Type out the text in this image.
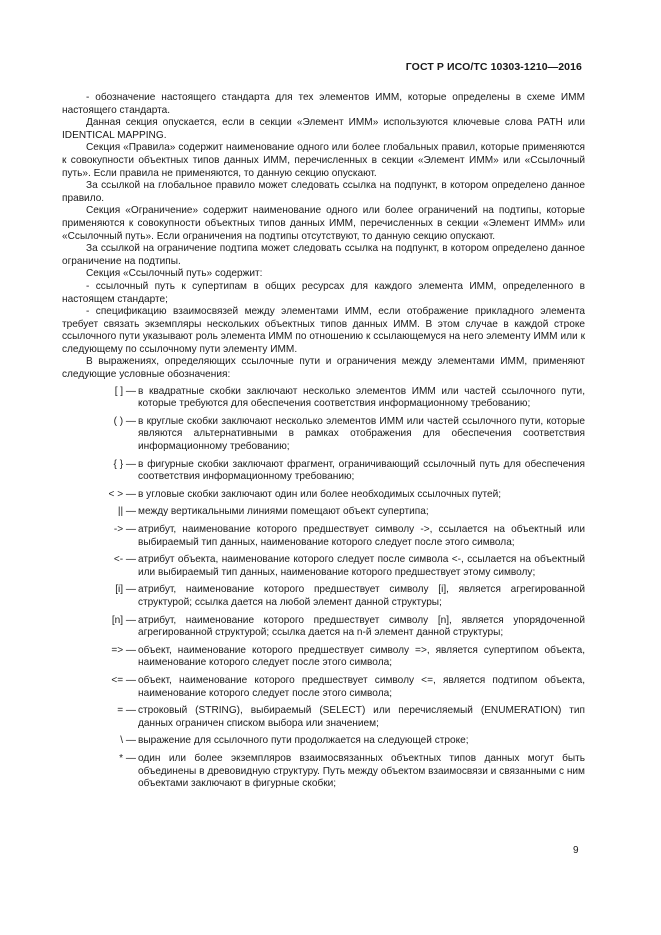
ГОСТ Р ИСО/ТС 10303-1210—2016

- обозначение настоящего стандарта для тех элементов ИММ, которые определены в схеме ИММ настоящего стандарта.

Данная секция опускается, если в секции «Элемент ИММ» используются ключевые слова PATH или IDENTICAL MAPPING.

Секция «Правила» содержит наименование одного или более глобальных правил, которые применяются к совокупности объектных типов данных ИММ, перечисленных в секции «Элемент ИММ» или «Ссылочный путь». Если правила не применяются, то данную секцию опускают.

За ссылкой на глобальное правило может следовать ссылка на подпункт, в котором определено данное правило.

Секция «Ограничение» содержит наименование одного или более ограничений на подтипы, которые применяются к совокупности объектных типов данных ИММ, перечисленных в секции «Элемент ИММ» или «Ссылочный путь». Если ограничения на подтипы отсутствуют, то данную секцию опускают.

За ссылкой на ограничение подтипа может следовать ссылка на подпункт, в котором определено данное ограничение на подтипы.

Секция «Ссылочный путь» содержит:

- ссылочный путь к супертипам в общих ресурсах для каждого элемента ИММ, определенного в настоящем стандарте;

- спецификацию взаимосвязей между элементами ИММ, если отображение прикладного элемента требует связать экземпляры нескольких объектных типов данных ИММ. В этом случае в каждой строке ссылочного пути указывают роль элемента ИММ по отношению к ссылающемуся на него элементу ИММ или к следующему по ссылочному пути элементу ИММ.

В выражениях, определяющих ссылочные пути и ограничения между элементами ИММ, применяют следующие условные обозначения:

[ ] — в квадратные скобки заключают несколько элементов ИММ или частей ссылочного пути, которые требуются для обеспечения соответствия информационному требованию;
( ) — в круглые скобки заключают несколько элементов ИММ или частей ссылочного пути, которые являются альтернативными в рамках отображения для обеспечения соответствия информационному требованию;
{ } — в фигурные скобки заключают фрагмент, ограничивающий ссылочный путь для обеспечения соответствия информационному требованию;
< > — в угловые скобки заключают один или более необходимых ссылочных путей;
|| — между вертикальными линиями помещают объект супертипа;
-> — атрибут, наименование которого предшествует символу ->, ссылается на объектный или выбираемый тип данных, наименование которого следует после этого символа;
<- — атрибут объекта, наименование которого следует после символа <-, ссылается на объектный или выбираемый тип данных, наименование которого предшествует этому символу;
[i] — атрибут, наименование которого предшествует символу [i], является агрегированной структурой; ссылка дается на любой элемент данной структуры;
[n] — атрибут, наименование которого предшествует символу [n], является упорядоченной агрегированной структурой; ссылка дается на n-й элемент данной структуры;
=> — объект, наименование которого предшествует символу =>, является супертипом объекта, наименование которого следует после этого символа;
<= — объект, наименование которого предшествует символу <=, является подтипом объекта, наименование которого следует после этого символа;
= — строковый (STRING), выбираемый (SELECT) или перечисляемый (ENUMERATION) тип данных ограничен списком выбора или значением;
\ — выражение для ссылочного пути продолжается на следующей строке;
* — один или более экземпляров взаимосвязанных объектных типов данных могут быть объединены в древовидную структуру. Путь между объектом взаимосвязи и связанными с ним объектами заключают в фигурные скобки;
9
